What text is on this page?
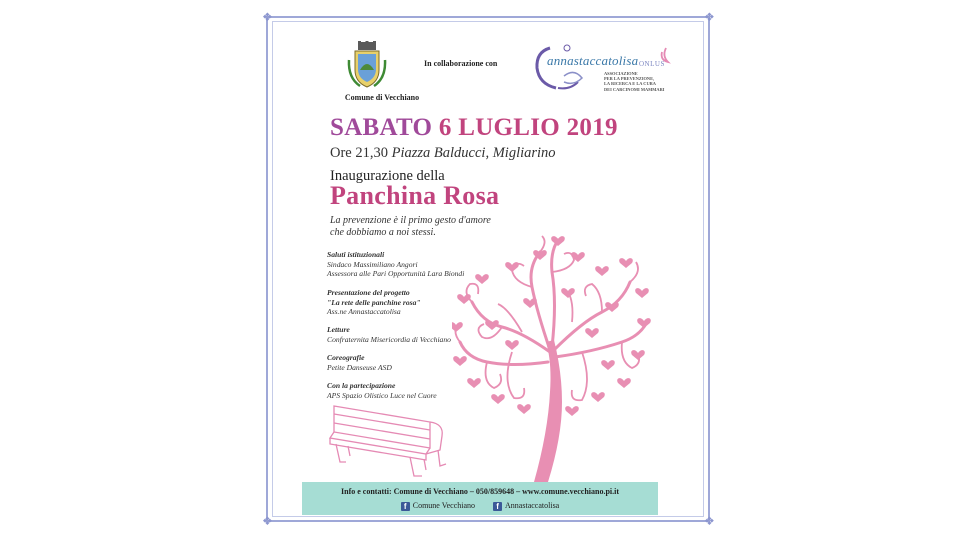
❖	❖
❖	❖
Comune di Vecchiano
In collaborazione con	annastaccatolisa ONLUS
ASSOCIAZIONE
PER LA PREVENZIONE,
LA RICERCA E LA CURA
DEI CARCINOMI MAMMARI
SABATO 6 LUGLIO 2019
Ore 21,30 Piazza Balducci, Migliarino
Inaugurazione della
Panchina Rosa
La prevenzione è il primo gesto d'amore
che dobbiamo a noi stessi.
Saluti istituzionali
Sindaco Massimiliano Angori
Assessora alle Pari Opportunità Lara Biondi
Presentazione del progetto
"La rete delle panchine rosa"
Ass.ne Annastaccatolisa
Letture
Confraternita Misericordia di Vecchiano
Coreografie
Petite Danseuse ASD
Con la partecipazione
APS Spazio Olistico Luce nel Cuore
Info e contatti: Comune di Vecchiano – 050/859648 – www.comune.vecchiano.pi.it
f Comune Vecchiano	f Annastaccatolisa
